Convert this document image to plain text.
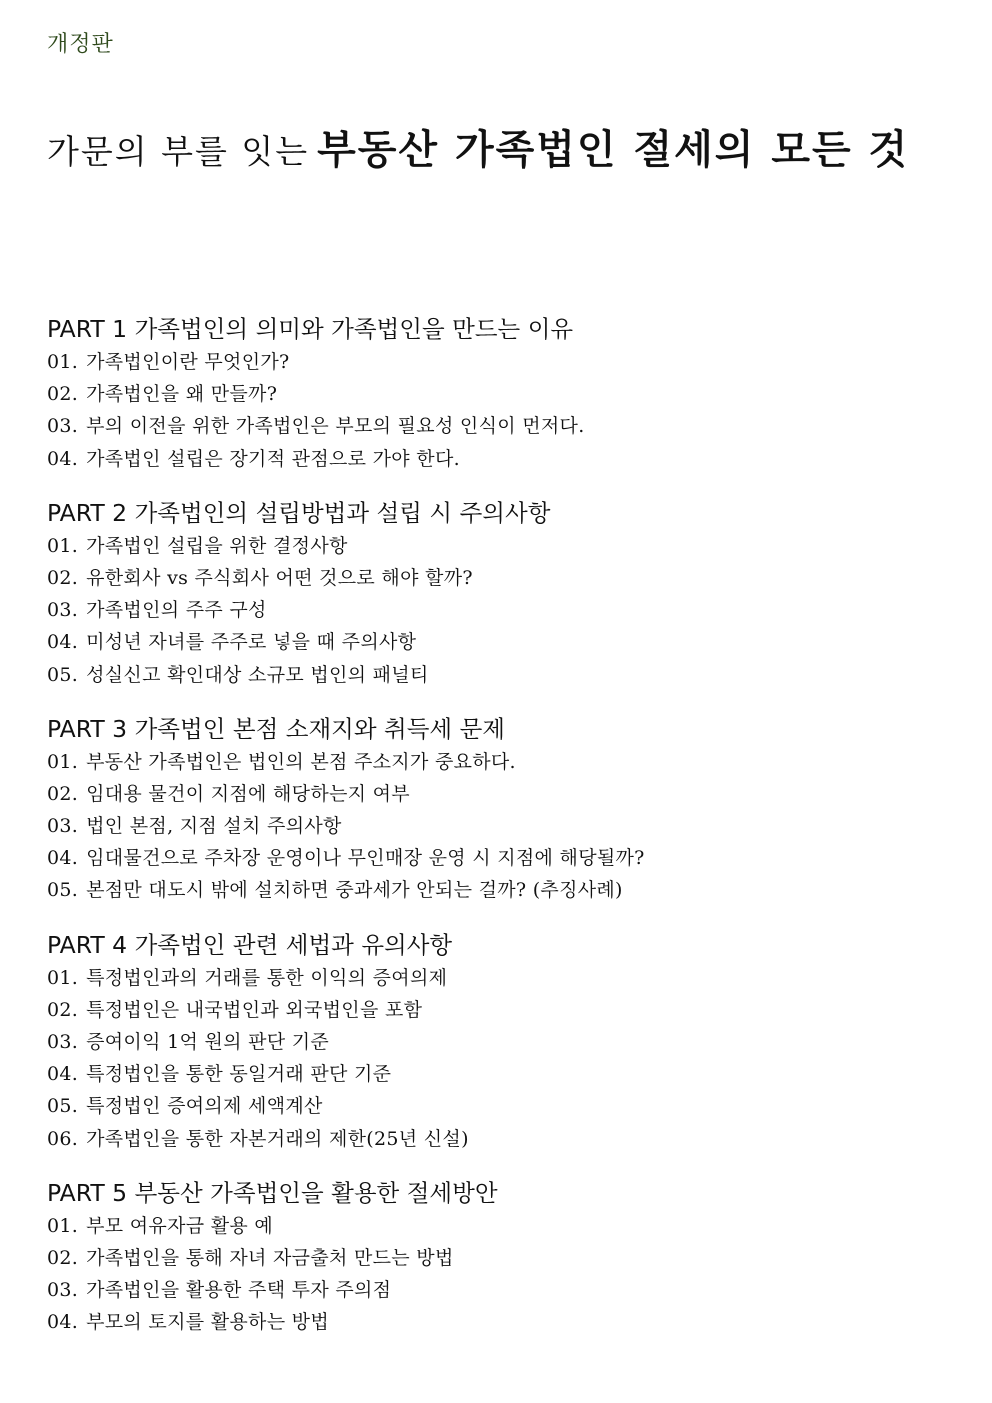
개정판
가문의 부를 잇는 부동산 가족법인 절세의 모든 것
PART 1 가족법인의 의미와 가족법인을 만드는 이유
01. 가족법인이란 무엇인가?
02. 가족법인을 왜 만들까?
03. 부의 이전을 위한 가족법인은 부모의 필요성 인식이 먼저다.
04. 가족법인 설립은 장기적 관점으로 가야 한다.
PART 2 가족법인의 설립방법과 설립 시 주의사항
01. 가족법인 설립을 위한 결정사항
02. 유한회사 vs 주식회사 어떤 것으로 해야 할까?
03. 가족법인의 주주 구성
04. 미성년 자녀를 주주로 넣을 때 주의사항
05. 성실신고 확인대상 소규모 법인의 패널티
PART 3 가족법인 본점 소재지와 취득세 문제
01. 부동산 가족법인은 법인의 본점 주소지가 중요하다.
02. 임대용 물건이 지점에 해당하는지 여부
03. 법인 본점, 지점 설치 주의사항
04. 임대물건으로 주차장 운영이나 무인매장 운영 시 지점에 해당될까?
05. 본점만 대도시 밖에 설치하면 중과세가 안되는 걸까? (추징사례)
PART 4 가족법인 관련 세법과 유의사항
01. 특정법인과의 거래를 통한 이익의 증여의제
02. 특정법인은 내국법인과 외국법인을 포함
03. 증여이익 1억 원의 판단 기준
04. 특정법인을 통한 동일거래 판단 기준
05. 특정법인 증여의제 세액계산
06. 가족법인을 통한 자본거래의 제한(25년 신설)
PART 5 부동산 가족법인을 활용한 절세방안
01. 부모 여유자금 활용 예
02. 가족법인을 통해 자녀 자금출처 만드는 방법
03. 가족법인을 활용한 주택 투자 주의점
04. 부모의 토지를 활용하는 방법
